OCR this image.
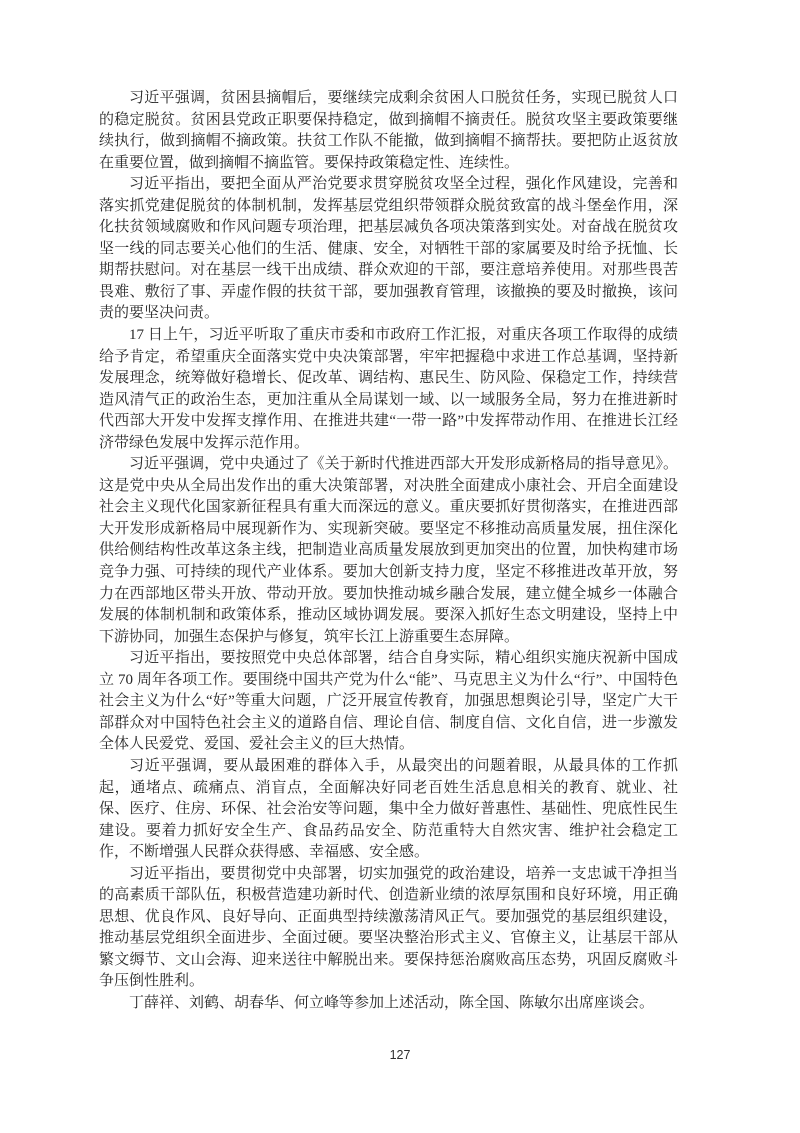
习近平强调，贫困县摘帽后，要继续完成剩余贫困人口脱贫任务，实现已脱贫人口的稳定脱贫。贫困县党政正职要保持稳定，做到摘帽不摘责任。脱贫攻坚主要政策要继续执行，做到摘帽不摘政策。扶贫工作队不能撤，做到摘帽不摘帮扶。要把防止返贫放在重要位置，做到摘帽不摘监管。要保持政策稳定性、连续性。

习近平指出，要把全面从严治党要求贯穿脱贫攻坚全过程，强化作风建设，完善和落实抓党建促脱贫的体制机制，发挥基层党组织带领群众脱贫致富的战斗堡垒作用，深化扶贫领域腐败和作风问题专项治理，把基层减负各项决策落到实处。对奋战在脱贫攻坚一线的同志要关心他们的生活、健康、安全，对牺牲干部的家属要及时给予抚恤、长期帮扶慰问。对在基层一线干出成绩、群众欢迎的干部，要注意培养使用。对那些畏苦畏难、敷衍了事、弄虚作假的扶贫干部，要加强教育管理，该撤换的要及时撤换，该问责的要坚决问责。

17 日上午，习近平听取了重庆市委和市政府工作汇报，对重庆各项工作取得的成绩给予肯定，希望重庆全面落实党中央决策部署，牢牢把握稳中求进工作总基调，坚持新发展理念，统筹做好稳增长、促改革、调结构、惠民生、防风险、保稳定工作，持续营造风清气正的政治生态，更加注重从全局谋划一域、以一域服务全局，努力在推进新时代西部大开发中发挥支撑作用、在推进共建“一带一路”中发挥带动作用、在推进长江经济带绿色发展中发挥示范作用。

习近平强调，党中央通过了《关于新时代推进西部大开发形成新格局的指导意见》。这是党中央从全局出发作出的重大决策部署，对决胜全面建成小康社会、开启全面建设社会主义现代化国家新征程具有重大而深远的意义。重庆要抓好贯彻落实，在推进西部大开发形成新格局中展现新作为、实现新突破。要坚定不移推动高质量发展，扭住深化供给侧结构性改革这条主线，把制造业高质量发展放到更加突出的位置，加快构建市场竞争力强、可持续的现代产业体系。要加大创新支持力度，坚定不移推进改革开放，努力在西部地区带头开放、带动开放。要加快推动城乡融合发展，建立健全城乡一体融合发展的体制机制和政策体系，推动区域协调发展。要深入抓好生态文明建设，坚持上中下游协同，加强生态保护与修复，筑牢长江上游重要生态屏障。

习近平指出，要按照党中央总体部署，结合自身实际，精心组织实施庆祝新中国成立 70 周年各项工作。要围绕中国共产党为什么“能”、马克思主义为什么“行”、中国特色社会主义为什么“好”等重大问题，广泛开展宣传教育，加强思想舆论引导，坚定广大干部群众对中国特色社会主义的道路自信、理论自信、制度自信、文化自信，进一步激发全体人民爱党、爱国、爱社会主义的巨大热情。

习近平强调，要从最困难的群体入手，从最突出的问题着眼，从最具体的工作抓起，通堵点、疏痛点、消盲点，全面解决好同老百姓生活息息相关的教育、就业、社保、医疗、住房、环保、社会治安等问题，集中全力做好普惠性、基础性、兜底性民生建设。要着力抓好安全生产、食品药品安全、防范重特大自然灾害、维护社会稳定工作，不断增强人民群众获得感、幸福感、安全感。

习近平指出，要贯彻党中央部署，切实加强党的政治建设，培养一支忠诚干净担当的高素质干部队伍，积极营造建功新时代、创造新业绩的浓厚氛围和良好环境，用正确思想、优良作风、良好导向、正面典型持续激荡清风正气。要加强党的基层组织建设，推动基层党组织全面进步、全面过硬。要坚决整治形式主义、官僚主义，让基层干部从繁文缛节、文山会海、迎来送往中解脱出来。要保持惩治腐败高压态势，巩固反腐败斗争压倒性胜利。

丁薛祥、刘鹤、胡春华、何立峰等参加上述活动，陈全国、陈敏尔出席座谈会。

127
